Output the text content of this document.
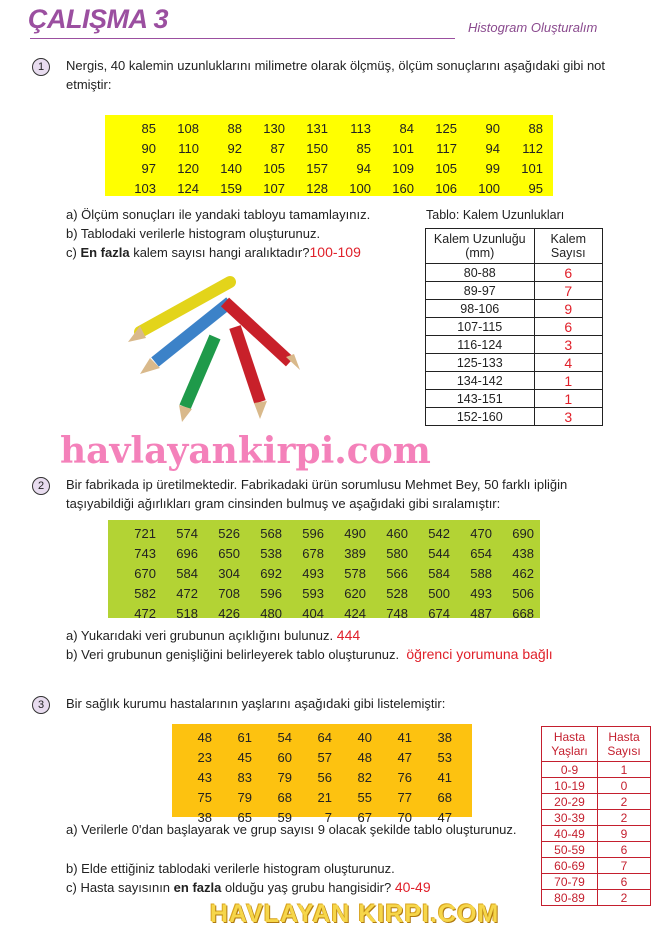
ÇALIŞMA 3	Histogram Oluşturalım
1	Nergis, 40 kalemin uzunluklarını milimetre olarak ölçmüş, ölçüm sonuçlarını aşağıdaki gibi not etmiştir:
85	108	88	130	131	113	84	125	90	88
90	110	92	87	150	85	101	117	94	112
97	120	140	105	157	94	109	105	99	101
103	124	159	107	128	100	160	106	100	95
a) Ölçüm sonuçları ile yandaki tabloyu tamamlayınız.
b) Tablodaki verilerle histogram oluşturunuz.
c) En fazla kalem sayısı hangi aralıktadır?100-109
Tablo: Kalem Uzunlukları
Kalem Uzunluğu (mm)	Kalem Sayısı
80-88	6
89-97	7
98-106	9
107-115	6
116-124	3
125-133	4
134-142	1
143-151	1
152-160	3
havlayankirpi.com
2	Bir fabrikada ip üretilmektedir. Fabrikadaki ürün sorumlusu Mehmet Bey, 50 farklı ipliğin taşıyabildiği ağırlıkları gram cinsinden bulmuş ve aşağıdaki gibi sıralamıştır:
721	574	526	568	596	490	460	542	470	690
743	696	650	538	678	389	580	544	654	438
670	584	304	692	493	578	566	584	588	462
582	472	708	596	593	620	528	500	493	506
472	518	426	480	404	424	748	674	487	668
a) Yukarıdaki veri grubunun açıklığını bulunuz. 444
b) Veri grubunun genişliğini belirleyerek tablo oluşturunuz. öğrenci yorumuna bağlı
3	Bir sağlık kurumu hastalarının yaşlarını aşağıdaki gibi listelemiştir:
48	61	54	64	40	41	38
23	45	60	57	48	47	53
43	83	79	56	82	76	41
75	79	68	21	55	77	68
38	65	59	7	67	70	47
a) Verilerle 0'dan başlayarak ve grup sayısı 9 olacak şekilde tablo oluşturunuz.
b) Elde ettiğiniz tablodaki verilerle histogram oluşturunuz.
c) Hasta sayısının en fazla olduğu yaş grubu hangisidir? 40-49
Hasta Yaşları	Hasta Sayısı
0-9	1
10-19	0
20-29	2
30-39	2
40-49	9
50-59	6
60-69	7
70-79	6
80-89	2
HAVLAYAN KIRPI.COM
